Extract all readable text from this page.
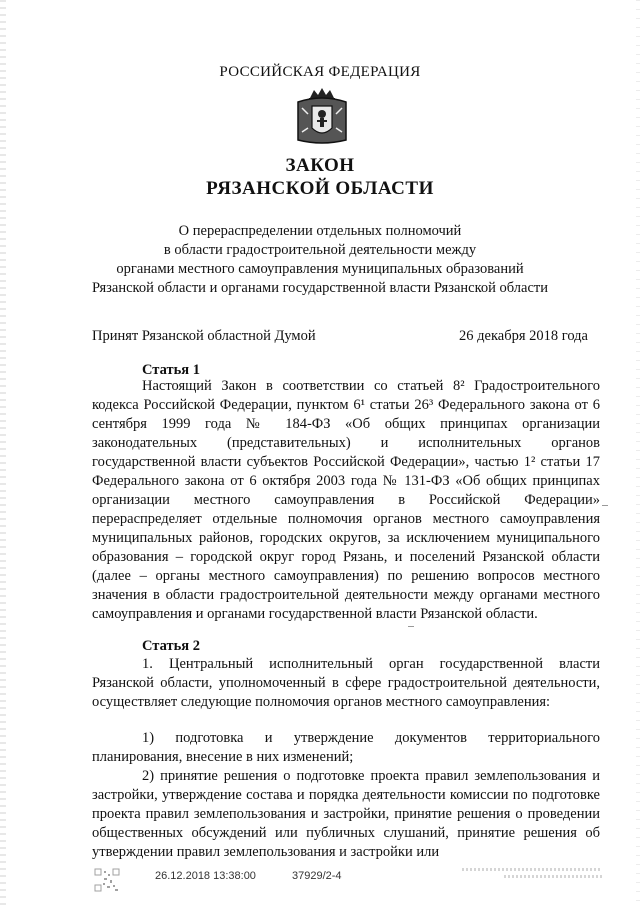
РОССИЙСКАЯ ФЕДЕРАЦИЯ
ЗАКОН
РЯЗАНСКОЙ ОБЛАСТИ
О перераспределении отдельных полномочий
в области градостроительной деятельности между
органами местного самоуправления муниципальных образований
Рязанской области и органами государственной власти Рязанской области
Принят Рязанской областной Думой	26 декабря 2018 года
Статья 1

Настоящий Закон в соответствии со статьей 8² Градостроительного кодекса Российской Федерации, пунктом 6¹ статьи 26³ Федерального закона от 6 сентября 1999 года № 184-ФЗ «Об общих принципах организации законодательных (представительных) и исполнительных органов государственной власти субъектов Российской Федерации», частью 1² статьи 17 Федерального закона от 6 октября 2003 года № 131-ФЗ «Об общих принципах организации местного самоуправления в Российской Федерации» перераспределяет отдельные полномочия органов местного самоуправления муниципальных районов, городских округов, за исключением муниципального образования – городской округ город Рязань, и поселений Рязанской области (далее – органы местного самоуправления) по решению вопросов местного значения в области градостроительной деятельности между органами местного самоуправления и органами государственной власти Рязанской области.

Статья 2

1. Центральный исполнительный орган государственной власти Рязанской области, уполномоченный в сфере градостроительной деятельности, осуществляет следующие полномочия органов местного самоуправления:

1) подготовка и утверждение документов территориального планирования, внесение в них изменений;

2) принятие решения о подготовке проекта правил землепользования и застройки, утверждение состава и порядка деятельности комиссии по подготовке проекта правил землепользования и застройки, принятие решения о проведении общественных обсуждений или публичных слушаний, принятие решения об утверждении правил землепользования и застройки или

26.12.2018 13:38:00	37929/2-4
